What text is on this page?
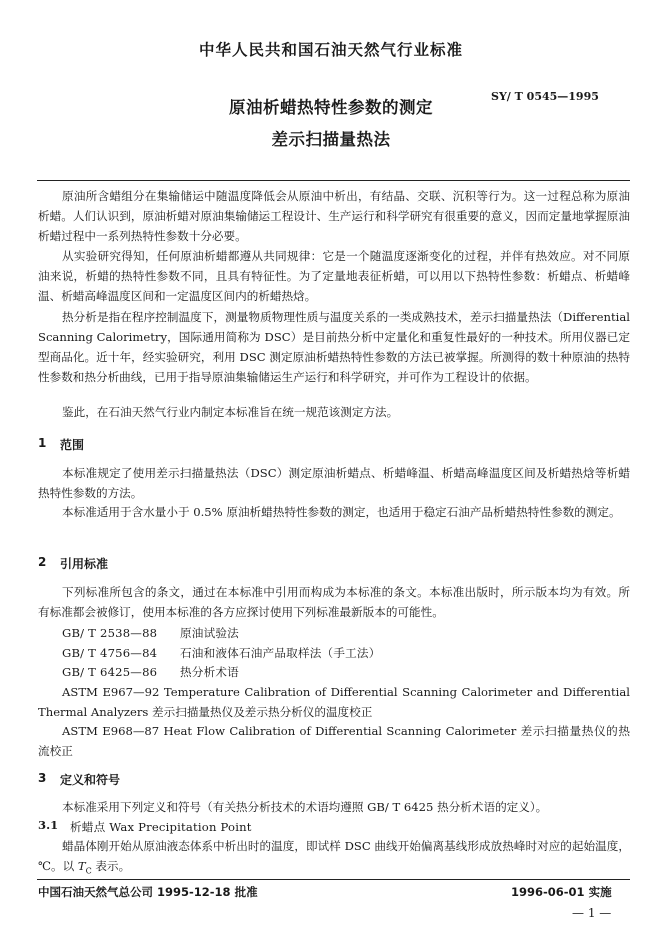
中华人民共和国石油天然气行业标准
SY/ T 0545—1995
原油析蜡热特性参数的测定
差示扫描量热法
原油所含蜡组分在集输储运中随温度降低会从原油中析出，有结晶、交联、沉积等行为。这一过程总称为原油析蜡。人们认识到，原油析蜡对原油集输储运工程设计、生产运行和科学研究有很重要的意义，因而定量地掌握原油析蜡过程中一系列热特性参数十分必要。
从实验研究得知，任何原油析蜡都遵从共同规律：它是一个随温度逐渐变化的过程，并伴有热效应。对不同原油来说，析蜡的热特性参数不同，且具有特征性。为了定量地表征析蜡，可以用以下热特性参数：析蜡点、析蜡峰温、析蜡高峰温度区间和一定温度区间内的析蜡热焓。
热分析是指在程序控制温度下，测量物质物理性质与温度关系的一类成熟技术，差示扫描量热法（Differential Scanning Calorimetry，国际通用简称为 DSC）是目前热分析中定量化和重复性最好的一种技术。所用仪器已定型商品化。近十年，经实验研究，利用 DSC 测定原油析蜡热特性参数的方法已被掌握。所测得的数十种原油的热特性参数和热分析曲线，已用于指导原油集输储运生产运行和科学研究，并可作为工程设计的依据。
鉴此，在石油天然气行业内制定本标准旨在统一规范该测定方法。
1 范围
本标准规定了使用差示扫描量热法（DSC）测定原油析蜡点、析蜡峰温、析蜡高峰温度区间及析蜡热焓等析蜡热特性参数的方法。
本标准适用于含水量小于 0.5% 原油析蜡热特性参数的测定，也适用于稳定石油产品析蜡热特性参数的测定。
2 引用标准
下列标准所包含的条文，通过在本标准中引用而构成为本标准的条文。本标准出版时，所示版本均为有效。所有标准都会被修订，使用本标准的各方应探讨使用下列标准最新版本的可能性。
GB/ T 2538—88 原油试验法
GB/ T 4756—84 石油和液体石油产品取样法（手工法）
GB/ T 6425—86 热分析术语
ASTM E967—92 Temperature Calibration of Differential Scanning Calorimeter and Differential Thermal Analyzers 差示扫描量热仪及差示热分析仪的温度校正
ASTM E968—87 Heat Flow Calibration of Differential Scanning Calorimeter 差示扫描量热仪的热流校正
3 定义和符号
本标准采用下列定义和符号（有关热分析技术的术语均遵照 GB/ T 6425 热分析术语的定义）。
3.1 析蜡点 Wax Precipitation Point
蜡晶体刚开始从原油液态体系中析出时的温度，即试样 DSC 曲线开始偏离基线形成放热峰时对应的起始温度，℃。以 $T_C$ 表示。
中国石油天然气总公司 1995-12-18 批准	1996-06-01 实施
— 1 —
